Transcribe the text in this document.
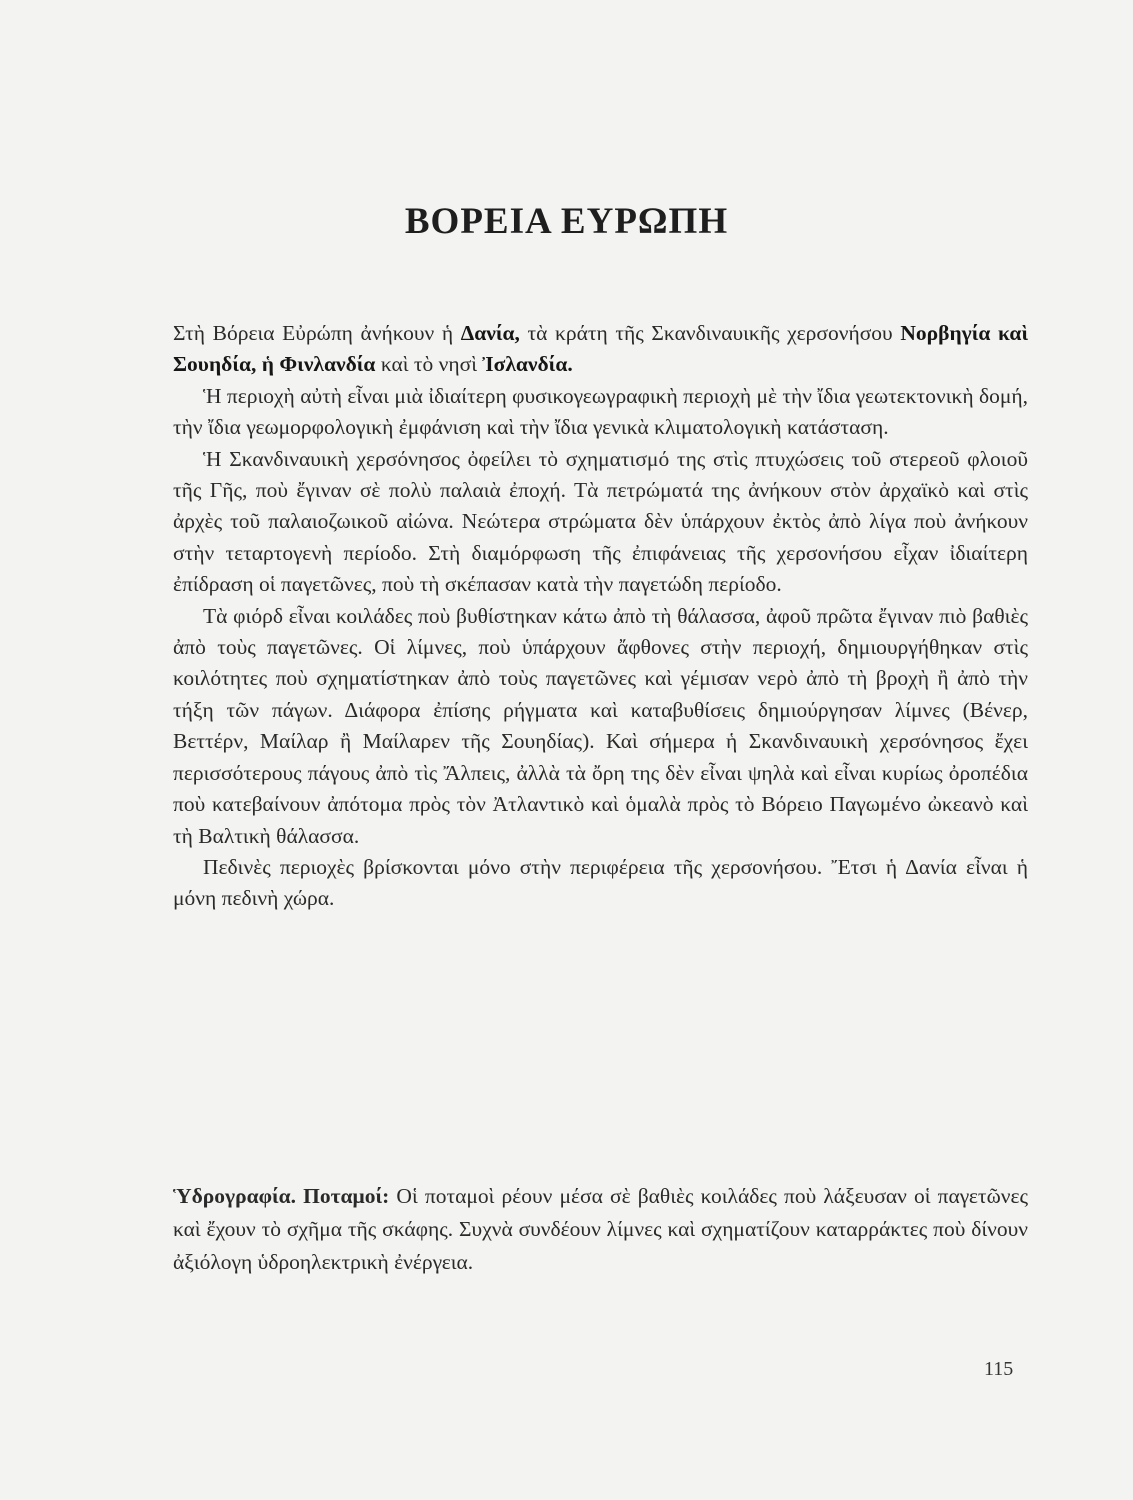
ΒΟΡΕΙΑ ΕΥΡΩΠΗ

Στὴ Βόρεια Εὐρώπη ἀνήκουν ἡ Δανία, τὰ κράτη τῆς Σκανδιναυικῆς χερσονήσου Νορβηγία καὶ Σουηδία, ἡ Φινλανδία καὶ τὸ νησὶ Ἰσλανδία.

Ἡ περιοχὴ αὐτὴ εἶναι μιὰ ἰδιαίτερη φυσικογεωγραφικὴ περιοχὴ μὲ τὴν ἴδια γεωτεκτονικὴ δομή, τὴν ἴδια γεωμορφολογικὴ ἐμφάνιση καὶ τὴν ἴδια γενικὰ κλιματολογικὴ κατάσταση.

Ἡ Σκανδιναυικὴ χερσόνησος ὀφείλει τὸ σχηματισμό της στὶς πτυχώσεις τοῦ στερεοῦ φλοιοῦ τῆς Γῆς, ποὺ ἔγιναν σὲ πολὺ παλαιὰ ἐποχή. Τὰ πετρώματά της ἀνήκουν στὸν ἀρχαϊκὸ καὶ στὶς ἀρχὲς τοῦ παλαιοζωικοῦ αἰώνα. Νεώτερα στρώματα δὲν ὑπάρχουν ἐκτὸς ἀπὸ λίγα ποὺ ἀνήκουν στὴν τεταρτογενὴ περίοδο. Στὴ διαμόρφωση τῆς ἐπιφάνειας τῆς χερσονήσου εἶχαν ἰδιαίτερη ἐπίδραση οἱ παγετῶνες, ποὺ τὴ σκέπασαν κατὰ τὴν παγετώδη περίοδο.

Τὰ φιόρδ εἶναι κοιλάδες ποὺ βυθίστηκαν κάτω ἀπὸ τὴ θάλασσα, ἀφοῦ πρῶτα ἔγιναν πιὸ βαθιὲς ἀπὸ τοὺς παγετῶνες. Οἱ λίμνες, ποὺ ὑπάρχουν ἄφθονες στὴν περιοχή, δημιουργήθηκαν στὶς κοιλότητες ποὺ σχηματίστηκαν ἀπὸ τοὺς παγετῶνες καὶ γέμισαν νερὸ ἀπὸ τὴ βροχὴ ἢ ἀπὸ τὴν τήξη τῶν πάγων. Διάφορα ἐπίσης ρήγματα καὶ καταβυθίσεις δημιούργησαν λίμνες (Βένερ, Βεττέρν, Μαίλαρ ἢ Μαίλαρεν τῆς Σουηδίας). Καὶ σήμερα ἡ Σκανδιναυικὴ χερσόνησος ἔχει περισσότερους πάγους ἀπὸ τὶς Ἄλπεις, ἀλλὰ τὰ ὄρη της δὲν εἶναι ψηλὰ καὶ εἶναι κυρίως ὀροπέδια ποὺ κατεβαίνουν ἀπότομα πρὸς τὸν Ἀτλαντικὸ καὶ ὁμαλὰ πρὸς τὸ Βόρειο Παγωμένο ὠκεανὸ καὶ τὴ Βαλτικὴ θάλασσα.

Πεδινὲς περιοχὲς βρίσκονται μόνο στὴν περιφέρεια τῆς χερσονήσου. Ἔτσι ἡ Δανία εἶναι ἡ μόνη πεδινὴ χώρα.

Ὑδρογραφία. Ποταμοί: Οἱ ποταμοὶ ρέουν μέσα σὲ βαθιὲς κοιλάδες ποὺ λάξευσαν οἱ παγετῶνες καὶ ἔχουν τὸ σχῆμα τῆς σκάφης. Συχνὰ συνδέουν λίμνες καὶ σχηματίζουν καταρράκτες ποὺ δίνουν ἀξιόλογη ὑδροηλεκτρικὴ ἐνέργεια.

115
